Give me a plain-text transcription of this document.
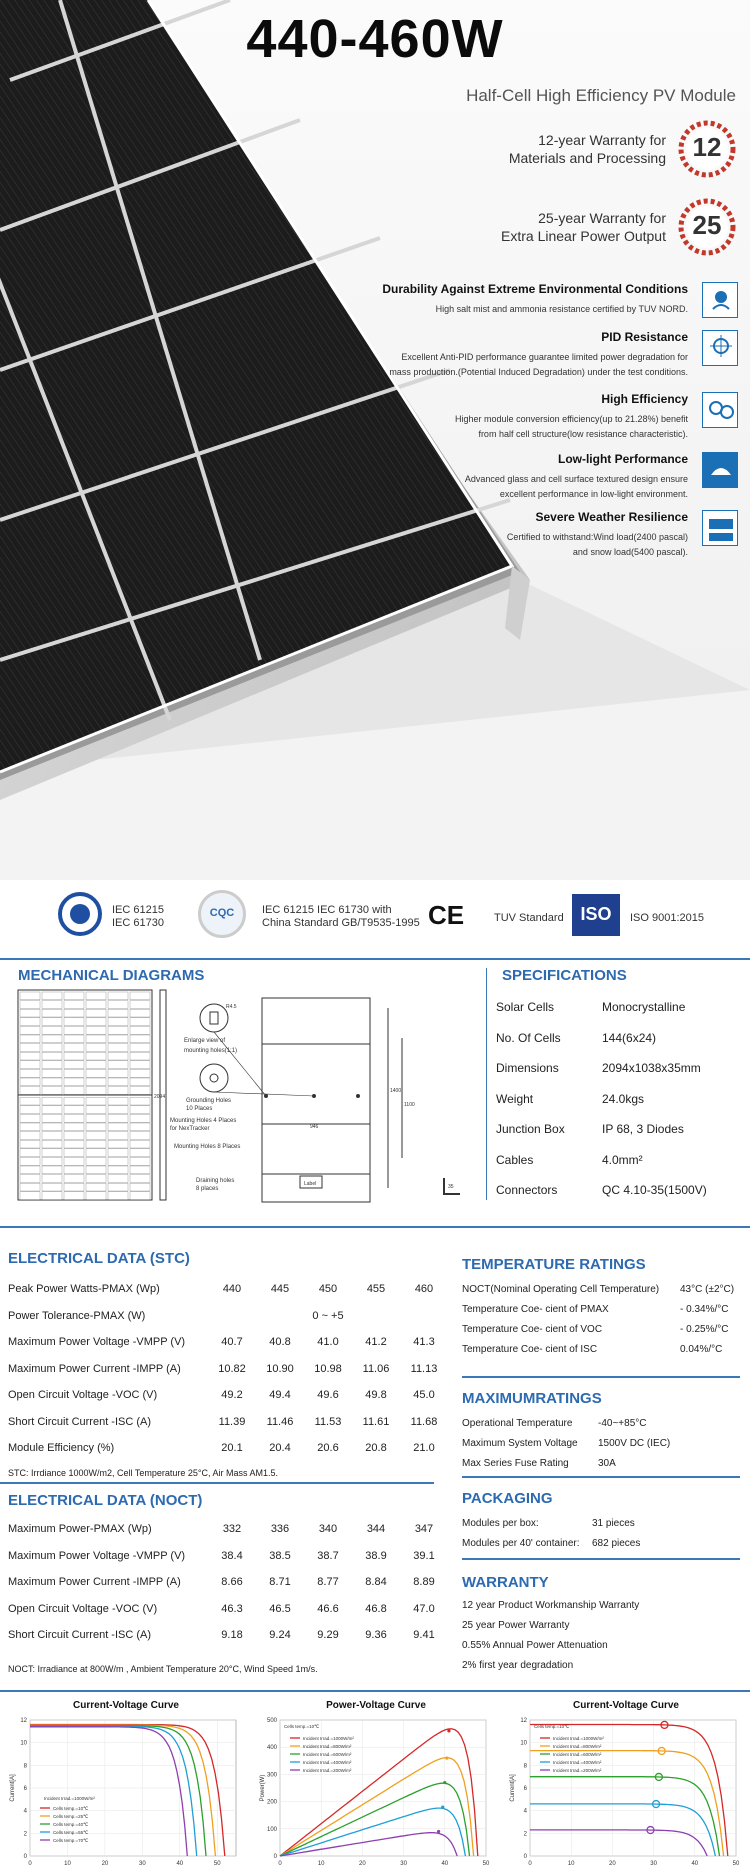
440-460W
Half-Cell High Efficiency PV Module
12-year Warranty for
Materials and Processing	12
25-year Warranty for
Extra Linear Power Output	25
Durability Against Extreme Environmental Conditions
High salt mist and ammonia resistance certified by TUV NORD.
PID Resistance
Excellent Anti-PID performance guarantee limited power degradation for
mass production.(Potential Induced Degradation) under the test conditions.
High Efficiency
Higher module conversion efficiency(up to 21.28%) benefit
from half cell structure(low resistance characteristic).
Low-light Performance
Advanced glass and cell surface textured design ensure
excellent performance in low-light environment.
Severe Weather Resilience
Certified to withstand:Wind load(2400 pascal)
and snow load(5400 pascal).
IEC 61215
IEC 61730
CQC	IEC 61215 IEC 61730 with
China Standard GB/T9535-1995 CE	TUV Standard ISO	ISO 9001:2015
MECHANICAL DIAGRAMS
2094
946
1400
1100
R4.5
35
Enlarge view of
mounting holes(1:1)
Grounding Holes
10 Places
Mounting Holes 4 Places
for NexTracker
Mounting Holes 8 Places
Draining holes
8 places
Label
SPECIFICATIONS
Solar Cells	Monocrystalline
No. Of Cells	144(6x24)
Dimensions	2094x1038x35mm
Weight	24.0kgs
Junction Box	IP 68, 3 Diodes
Cables	4.0mm²
Connectors	QC 4.10-35(1500V)
ELECTRICAL DATA (STC)
Peak Power Watts-PMAX (Wp)	440	445	450	455	460
Power Tolerance-PMAX (W)			0 ~ +5		
Maximum Power Voltage -VMPP (V)	40.7	40.8	41.0	41.2	41.3
Maximum Power Current -IMPP (A)	10.82	10.90	10.98	11.06	11.13
Open Circuit Voltage -VOC (V)	49.2	49.4	49.6	49.8	45.0
Short Circuit Current -ISC (A)	11.39	11.46	11.53	11.61	11.68
Module Efficiency (%)	20.1	20.4	20.6	20.8	21.0
STC: Irrdiance 1000W/m2, Cell Temperature 25°C, Air Mass AM1.5.
ELECTRICAL DATA (NOCT)
Maximum Power-PMAX (Wp)	332	336	340	344	347
Maximum Power Voltage -VMPP (V)	38.4	38.5	38.7	38.9	39.1
Maximum Power Current -IMPP (A)	8.66	8.71	8.77	8.84	8.89
Open Circuit Voltage -VOC (V)	46.3	46.5	46.6	46.8	47.0
Short Circuit Current -ISC (A)	9.18	9.24	9.29	9.36	9.41
NOCT: Irradiance at 800W/m , Ambient Temperature 20°C, Wind Speed 1m/s.
TEMPERATURE RATINGS
NOCT(Nominal Operating Cell Temperature)	43°C (±2°C)
Temperature Coe- cient of PMAX	- 0.34%/°C
Temperature Coe- cient of VOC	- 0.25%/°C
Temperature Coe- cient of ISC	0.04%/°C
MAXIMUMRATINGS
Operational Temperature	-40~+85°C
Maximum System Voltage	1500V DC (IEC)
Max Series Fuse Rating	30A
PACKAGING
Modules per box:	31 pieces
Modules per 40' container:	682 pieces
WARRANTY
12 year Product Workmanship Warranty
25 year Power Warranty
0.55% Annual Power Attenuation
2% first year degradation
Current-Voltage Curve
0	10	20	30	40	50
0
2
4
6
8
10
12
Current[A]
Cells temp.=10℃
Cells temp.=25℃
Cells temp.=40℃
Cells temp.=55℃
Cells temp.=70℃
Incident Irrad.=1000W/m²
Power-Voltage Curve
0	10	20	30	40	50
0
100
200
300
400
500
Power(W)
Incident Irrad.=1000W/m²
Incident Irrad.=800W/m²
Incident Irrad.=600W/m²
Incident Irrad.=400W/m²
Incident Irrad.=200W/m²
Cells temp.=10℃
Current-Voltage Curve
0	10	20	30	40	50
0
2
4
6
8
10
12
Current[A]
Incident Irrad.=1000W/m²
Incident Irrad.=800W/m²
Incident Irrad.=600W/m²
Incident Irrad.=400W/m²
Incident Irrad.=200W/m²
Cells temp.=10℃
